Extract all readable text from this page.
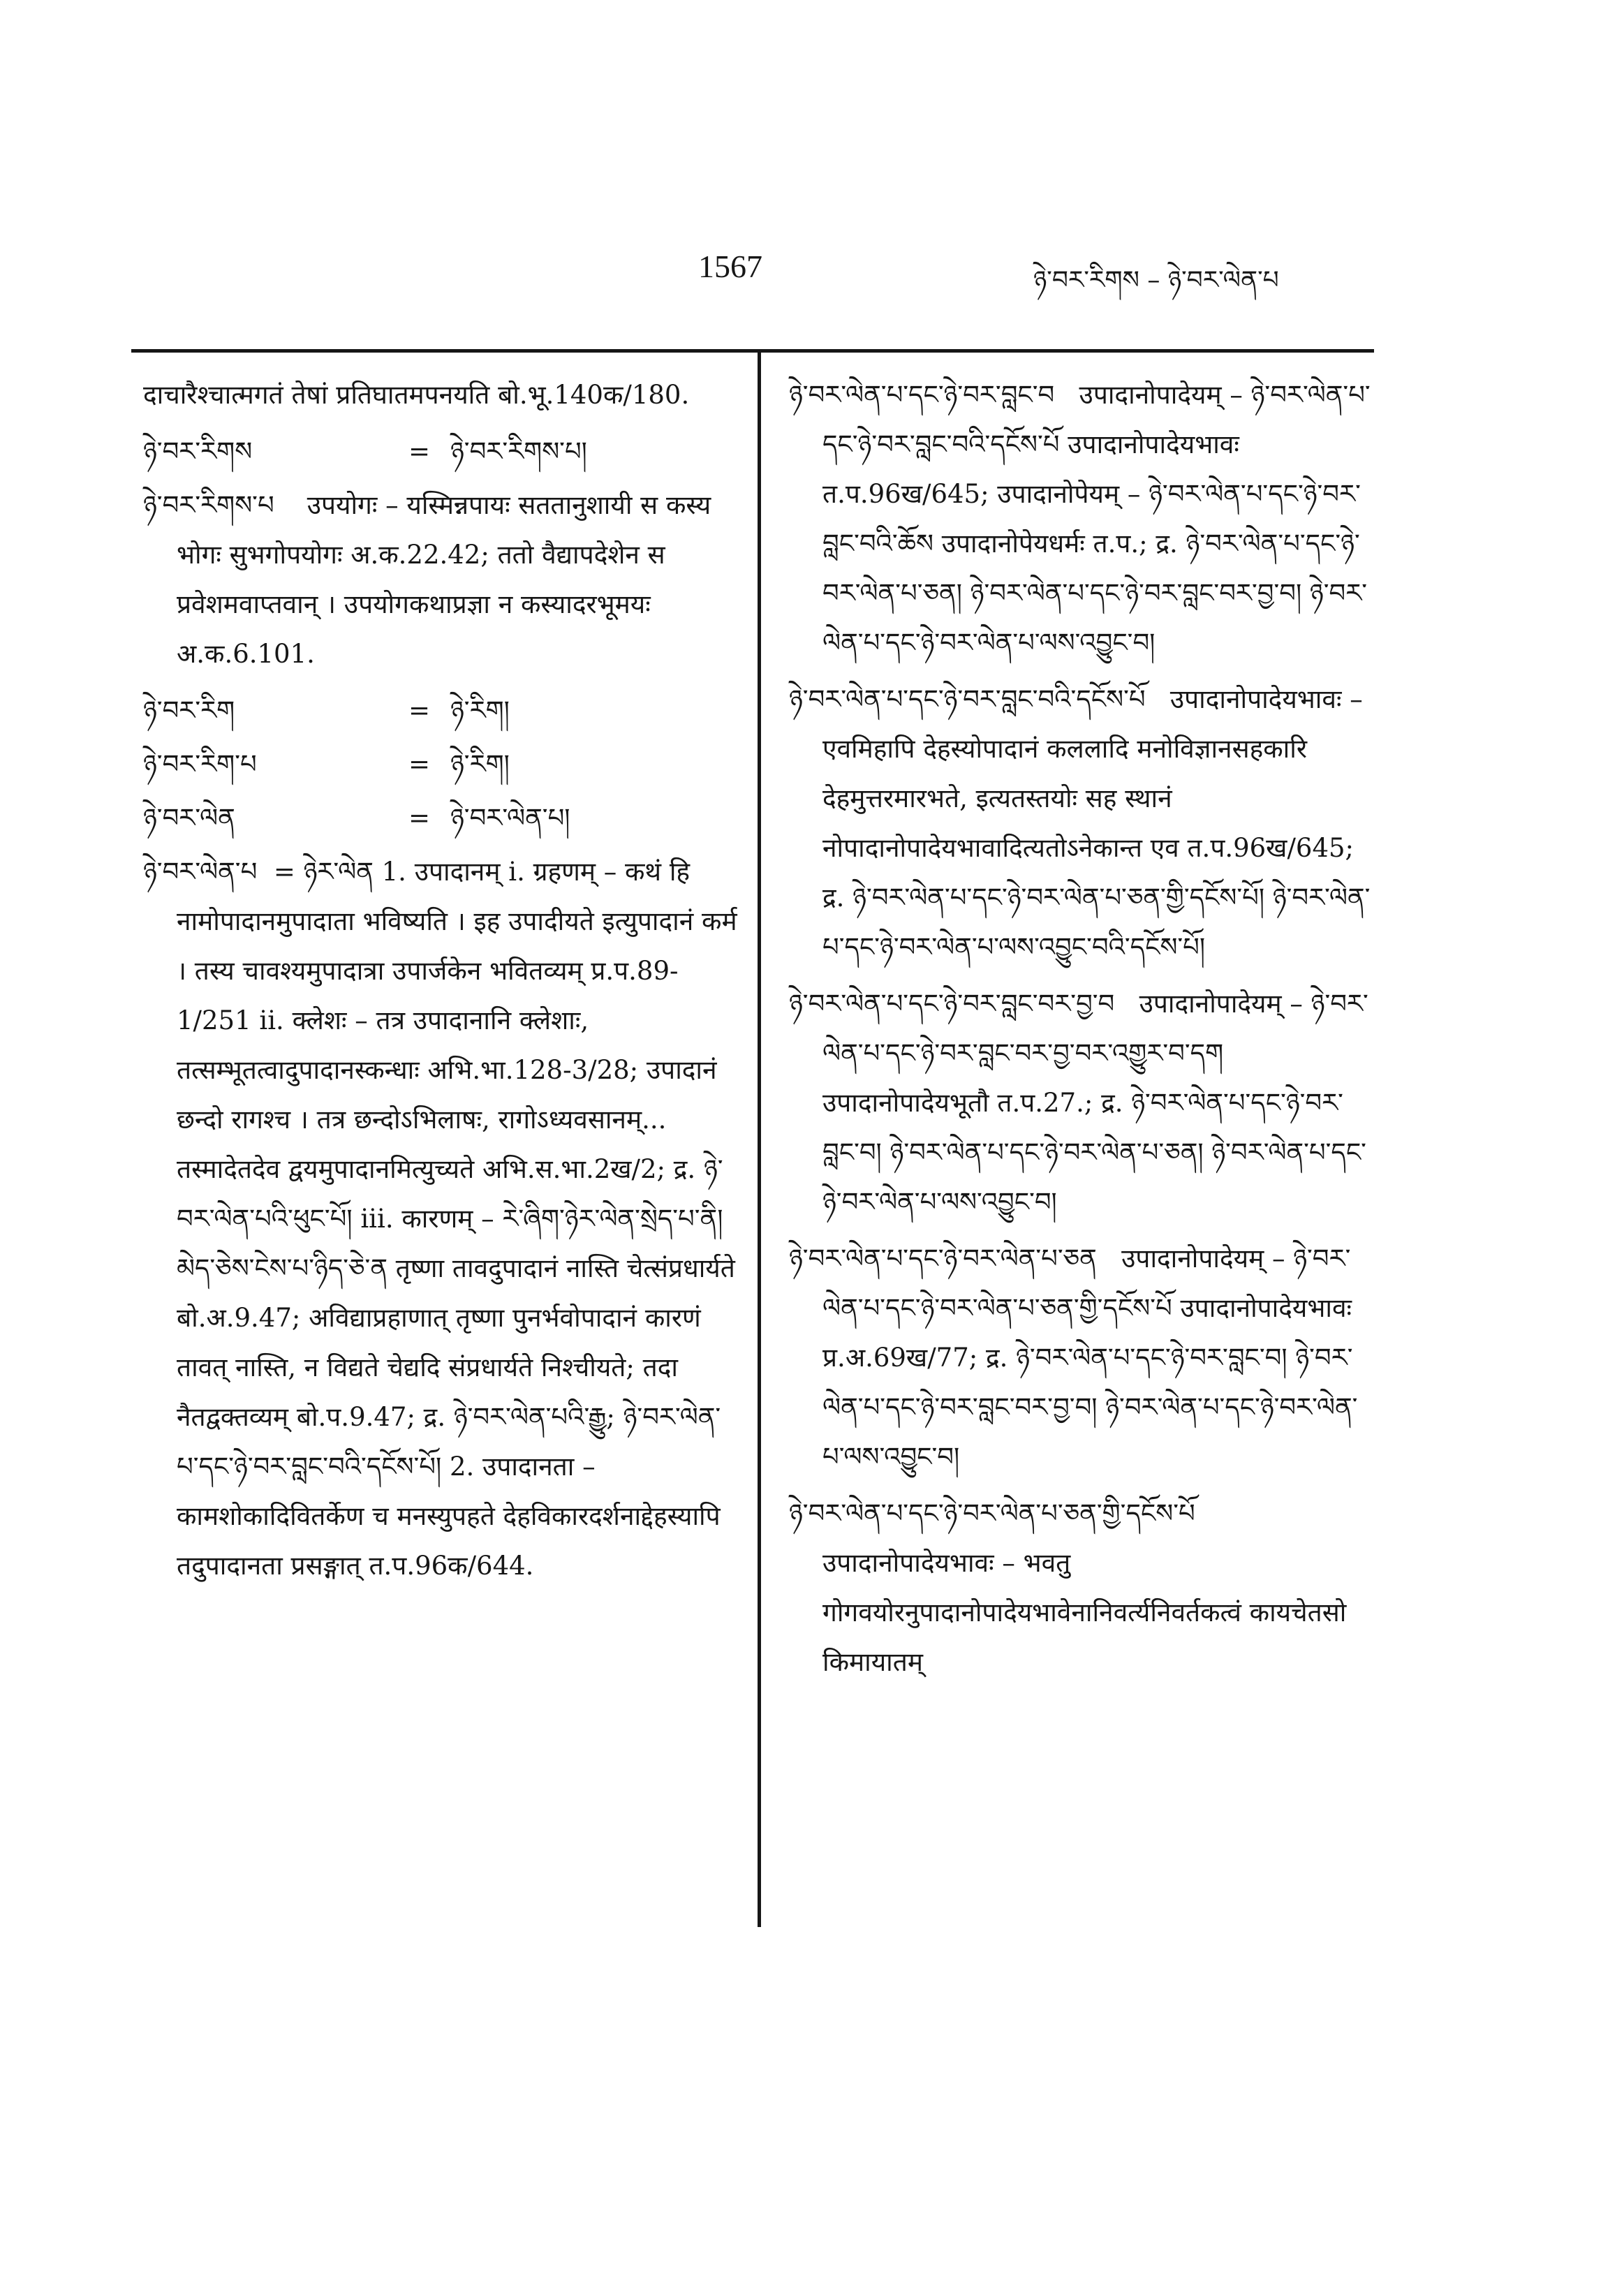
1567	ཉེ་བར་རིགས – ཉེ་བར་ལེན་པ

दाचारैश्चात्मगतं तेषां प्रतिघातमपनयति बो.भू.140क/180.

ཉེ་བར་རིགས	= ཉེ་བར་རིགས་པ།

ཉེ་བར་རིགས་པ उपयोगः – यस्मिन्नपायः सततानुशायी स कस्य भोगः सुभगोपयोगः अ.क.22.42; ततो वैद्यापदेशेन स प्रवेशमवाप्तवान् । उपयोगकथाप्रज्ञा न कस्यादरभूमयः अ.क.6.101.

ཉེ་བར་རིག	= ཉེ་རིག།
ཉེ་བར་རིག་པ	= ཉེ་རིག།
ཉེ་བར་ལེན	= ཉེ་བར་ལེན་པ།

ཉེ་བར་ལེན་པ = ཉེར་ལེན 1. उपादानम् i. ग्रहणम् – कथं हि नामोपादानमुपादाता भविष्यति । इह उपादीयते इत्युपादानं कर्म । तस्य चावश्यमुपादात्रा उपार्जकेन भवितव्यम् प्र.प.89-1/251 ii. क्लेशः – तत्र उपादानानि क्लेशाः, तत्सम्भूतत्वादुपादानस्कन्धाः अभि.भा.128-3/28; उपादानं छन्दो रागश्च । तत्र छन्दोऽभिलाषः, रागोऽध्यवसानम्... तस्मादेतदेव द्वयमुपादानमित्युच्यते अभि.स.भा.2ख/2; द्र. ཉེ་བར་ལེན་པའི་ཕུང་པོ། iii. कारणम् – རེ་ཞིག་ཉེར་ལེན་སྲེད་པ་ནི། མེད་ཅེས་ངེས་པ་ཉིད་ཅེ་ན तृष्णा तावदुपादानं नास्ति चेत्संप्रधार्यते बो.अ.9.47; अविद्याप्रहाणात् तृष्णा पुनर्भवोपादानं कारणं तावत् नास्ति, न विद्यते चेद्यदि संप्रधार्यते निश्चीयते; तदा नैतद्वक्तव्यम् बो.प.9.47; द्र. ཉེ་བར་ལེན་པའི་རྒྱུ; ཉེ་བར་ལེན་པ་དང་ཉེ་བར་བླང་བའི་དངོས་པོ། 2. उपादानता – कामशोकादिवितर्केण च मनस्युपहते देहविकारदर्शनाद्देहस्यापि तदुपादानता प्रसङ्गात् त.प.96क/644.

ཉེ་བར་ལེན་པ་དང་ཉེ་བར་བླང་བ उपादानोपादेयम् – ཉེ་བར་ལེན་པ་དང་ཉེ་བར་བླང་བའི་དངོས་པོ उपादानोपादेयभावः त.प.96ख/645; उपादानोपेयम् – ཉེ་བར་ལེན་པ་དང་ཉེ་བར་བླང་བའི་ཆོས उपादानोपेयधर्मः त.प.; द्र. ཉེ་བར་ལེན་པ་དང་ཉེ་བར་ལེན་པ་ཅན། ཉེ་བར་ལེན་པ་དང་ཉེ་བར་བླང་བར་བྱ་བ། ཉེ་བར་ལེན་པ་དང་ཉེ་བར་ལེན་པ་ལས་འབྱུང་བ།

ཉེ་བར་ལེན་པ་དང་ཉེ་བར་བླང་བའི་དངོས་པོ उपादानोपादेयभावः – एवमिहापि देहस्योपादानं कललादि मनोविज्ञानसहकारि देहमुत्तरमारभते, इत्यतस्तयोः सह स्थानं नोपादानोपादेयभावादित्यतोऽनेकान्त एव त.प.96ख/645; द्र. ཉེ་བར་ལེན་པ་དང་ཉེ་བར་ལེན་པ་ཅན་གྱི་དངོས་པོ། ཉེ་བར་ལེན་པ་དང་ཉེ་བར་ལེན་པ་ལས་འབྱུང་བའི་དངོས་པོ།

ཉེ་བར་ལེན་པ་དང་ཉེ་བར་བླང་བར་བྱ་བ उपादानोपादेयम् – ཉེ་བར་ལེན་པ་དང་ཉེ་བར་བླང་བར་བྱ་བར་འགྱུར་བ་དག उपादानोपादेयभूतौ त.प.27.; द्र. ཉེ་བར་ལེན་པ་དང་ཉེ་བར་བླང་བ། ཉེ་བར་ལེན་པ་དང་ཉེ་བར་ལེན་པ་ཅན། ཉེ་བར་ལེན་པ་དང་ཉེ་བར་ལེན་པ་ལས་འབྱུང་བ།

ཉེ་བར་ལེན་པ་དང་ཉེ་བར་ལེན་པ་ཅན उपादानोपादेयम् – ཉེ་བར་ལེན་པ་དང་ཉེ་བར་ལེན་པ་ཅན་གྱི་དངོས་པོ उपादानोपादेयभावः प्र.अ.69ख/77; द्र. ཉེ་བར་ལེན་པ་དང་ཉེ་བར་བླང་བ། ཉེ་བར་ལེན་པ་དང་ཉེ་བར་བླང་བར་བྱ་བ། ཉེ་བར་ལེན་པ་དང་ཉེ་བར་ལེན་པ་ལས་འབྱུང་བ།

ཉེ་བར་ལེན་པ་དང་ཉེ་བར་ལེན་པ་ཅན་གྱི་དངོས་པོ   उपादानोपादेयभावः – भवतु गोगवयोरनुपादानोपादेयभावेनानिवर्त्यनिवर्तकत्वं कायचेतसो किमायातम्
